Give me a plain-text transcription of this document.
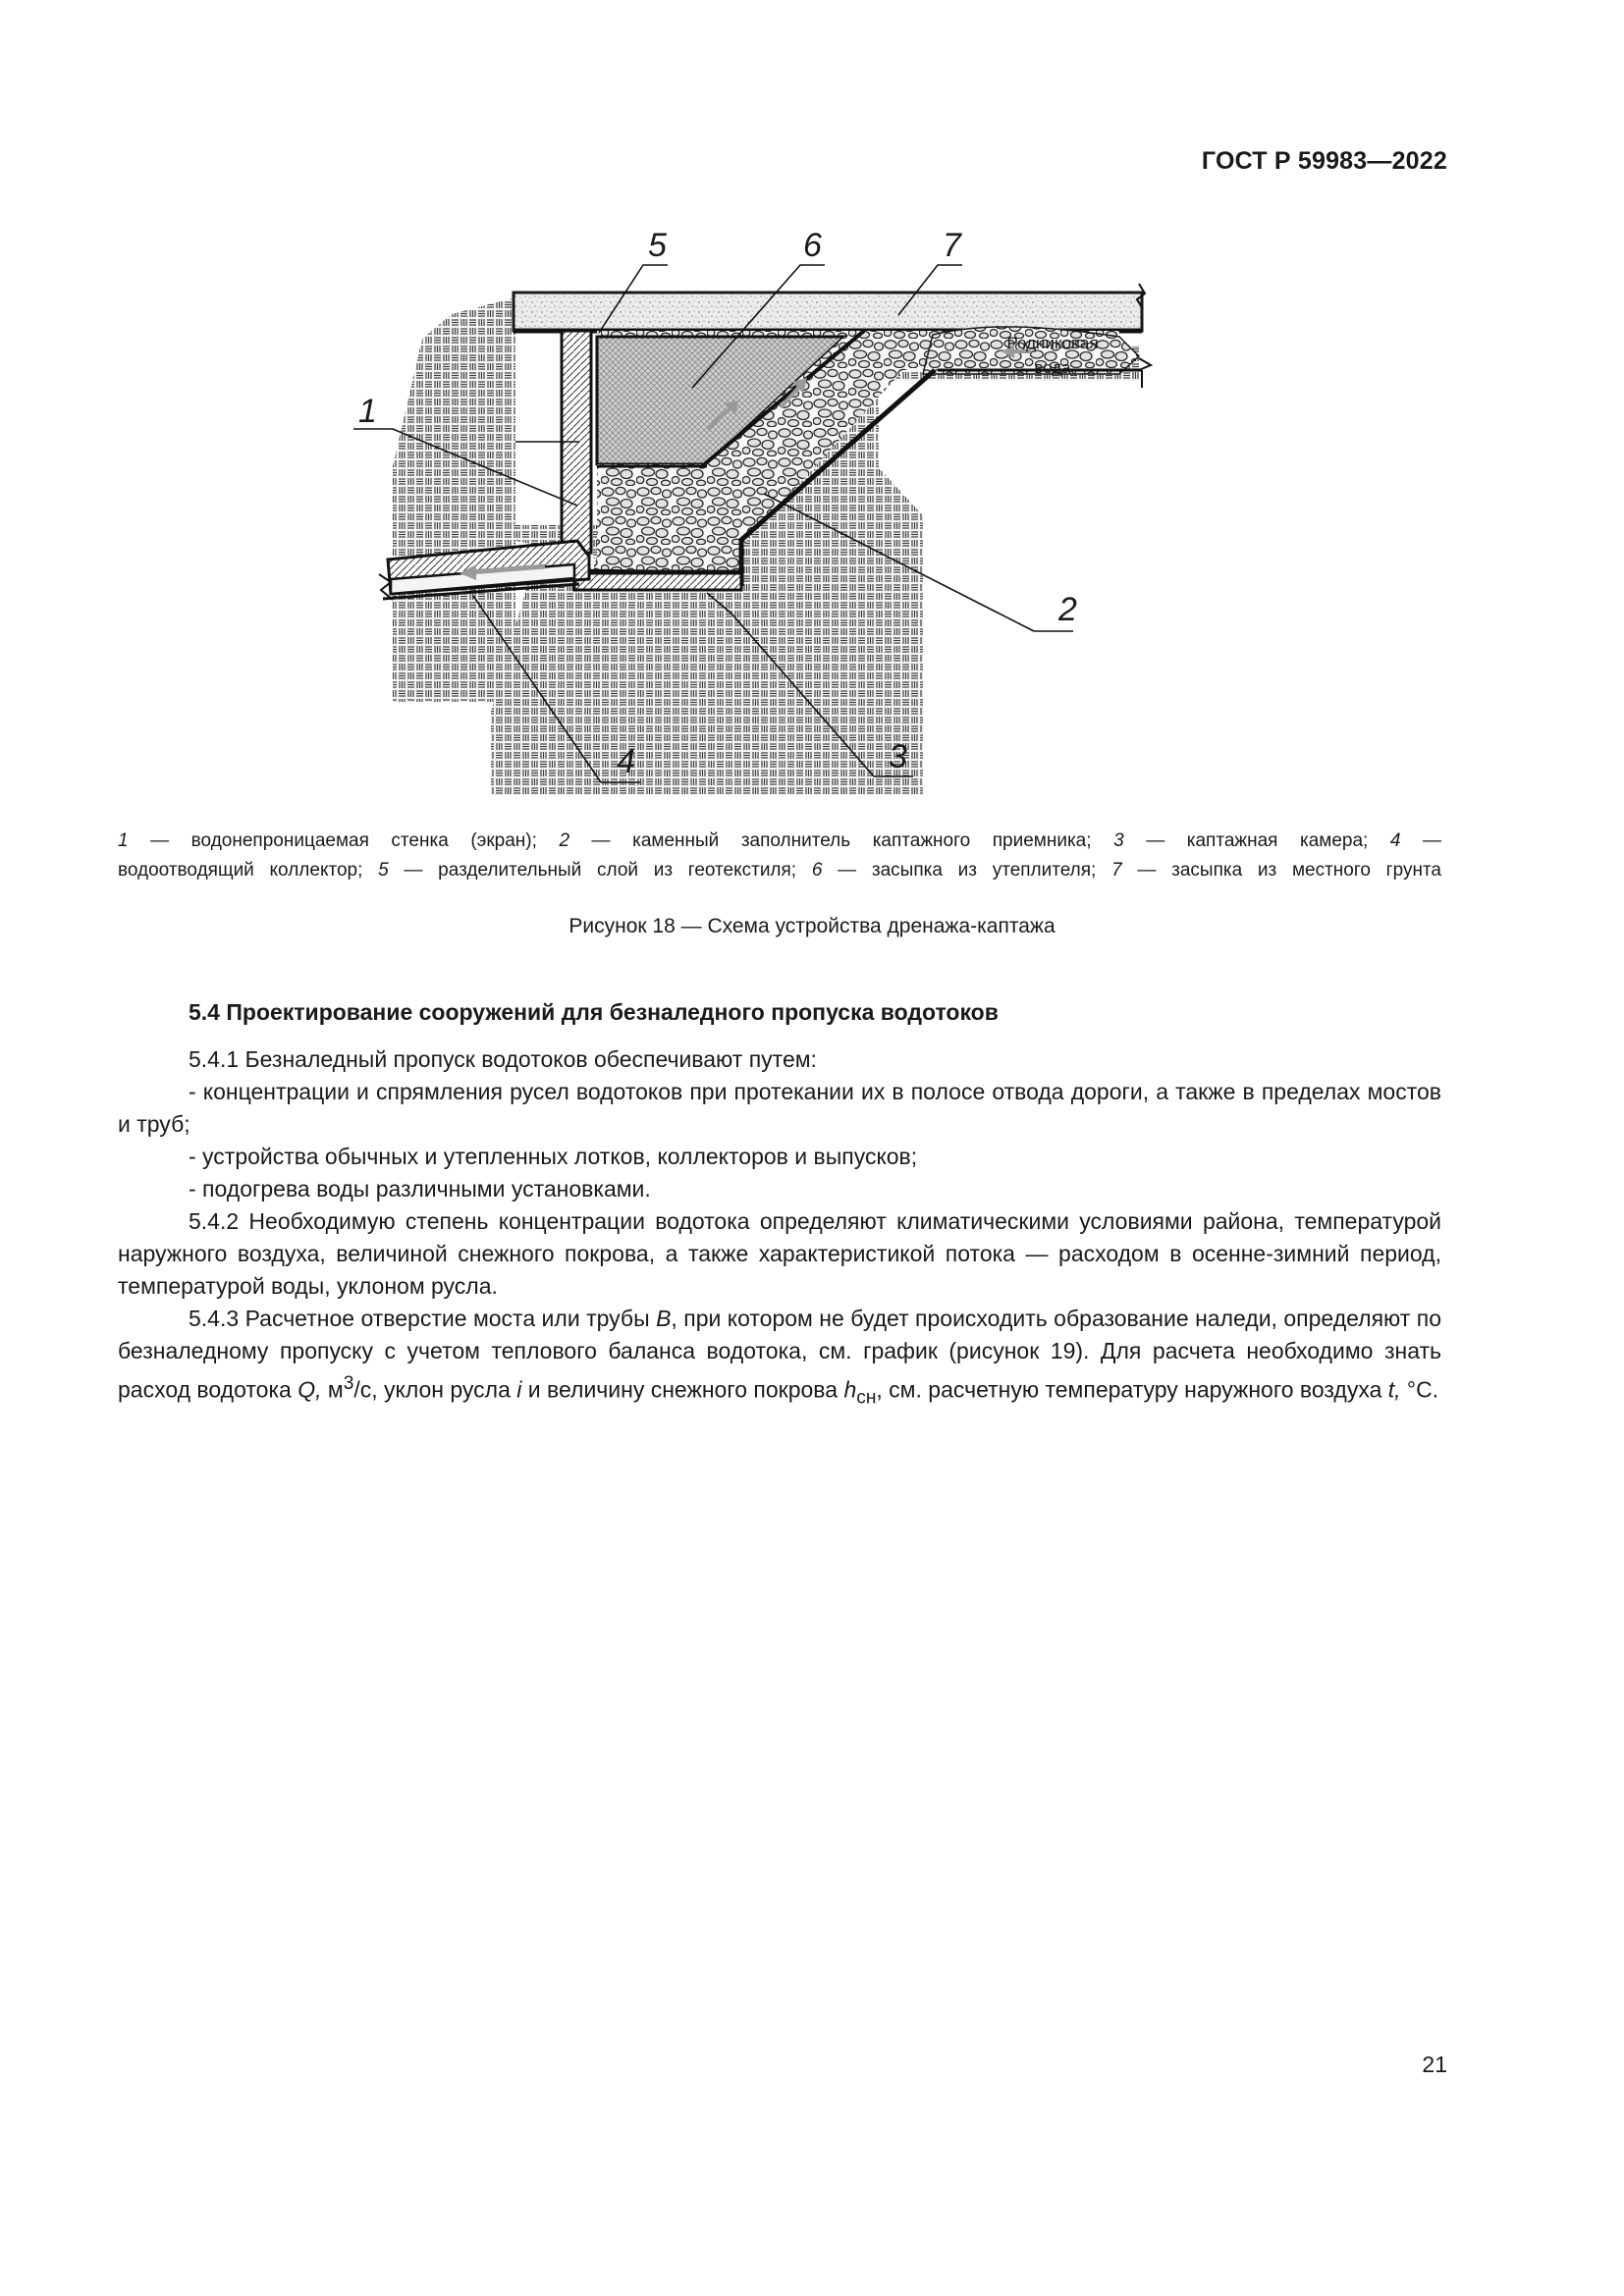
ГОСТ Р 59983—2022
Родниковая
вода
1
2
3
4
5	6	7
1 — водонепроницаемая стенка (экран); 2 — каменный заполнитель каптажного приемника; 3 — каптажная камера; 4 —
водоотводящий коллектор; 5 — разделительный слой из геотекстиля; 6 — засыпка из утеплителя; 7 — засыпка из местного грунта
Рисунок 18 — Схема устройства дренажа-каптажа
5.4 Проектирование сооружений для безналедного пропуска водотоков
5.4.1 Безналедный пропуск водотоков обеспечивают путем:
- концентрации и спрямления русел водотоков при протекании их в полосе отвода дороги, а также в пределах мостов и труб;
- устройства обычных и утепленных лотков, коллекторов и выпусков;
- подогрева воды различными установками.
5.4.2 Необходимую степень концентрации водотока определяют климатическими условиями района, температурой наружного воздуха, величиной снежного покрова, а также характеристикой потока — расходом в осенне-зимний период, температурой воды, уклоном русла.
5.4.3 Расчетное отверстие моста или трубы B, при котором не будет происходить образование наледи, определяют по безналедному пропуску с учетом теплового баланса водотока, см. график (рисунок 19). Для расчета необходимо знать расход водотока Q, $м^3/с$, уклон русла i и величину снежного покрова $h_{сн}$, см. расчетную температуру наружного воздуха t, °С.
21
